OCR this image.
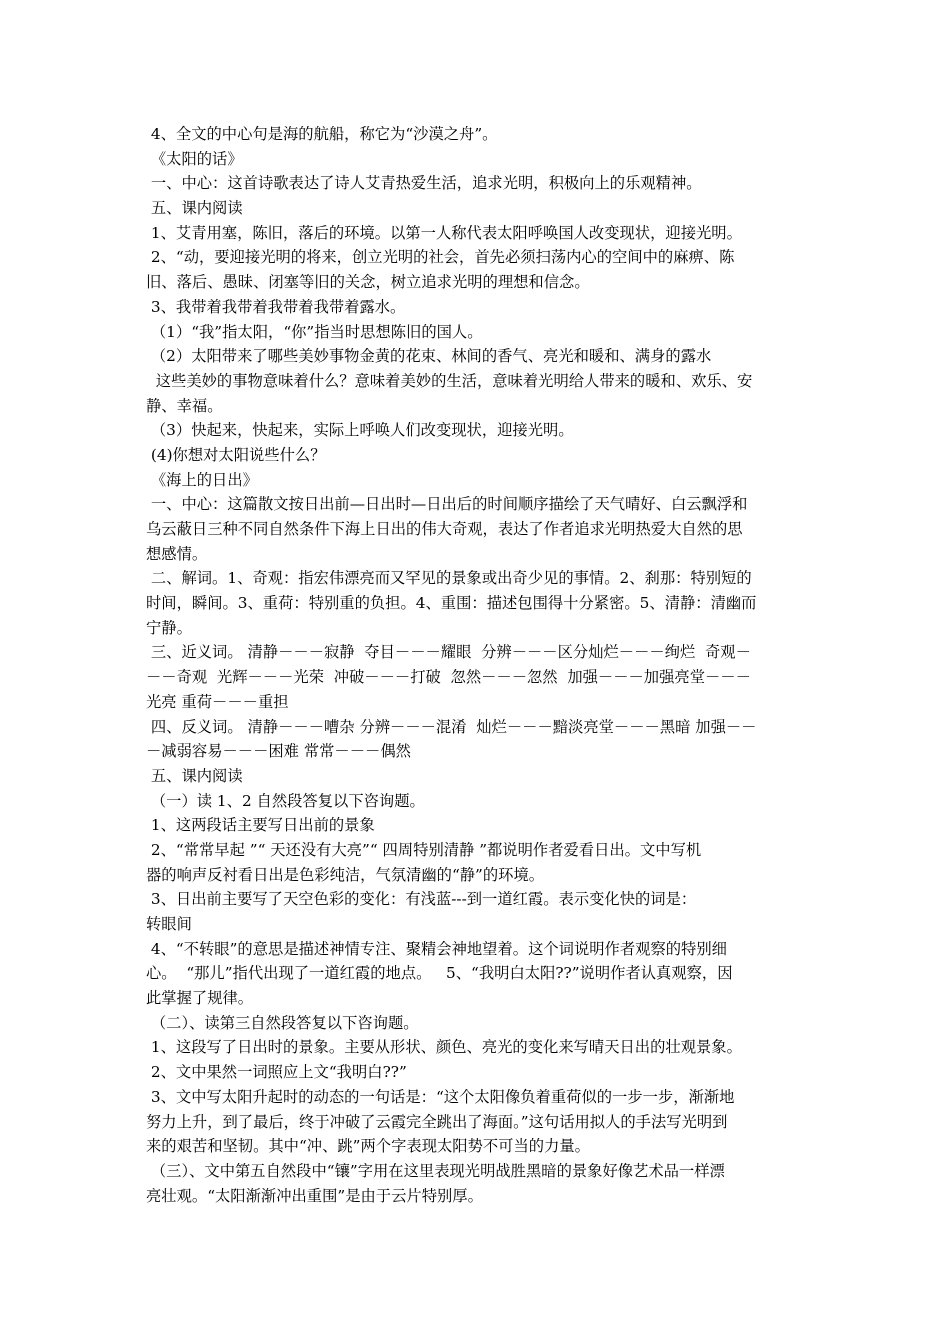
4、全文的中心句是海的航船，称它为“沙漠之舟”。
《太阳的话》
一、中心：这首诗歌表达了诗人艾青热爱生活，追求光明，积极向上的乐观精神。
五、课内阅读
1、艾青用塞，陈旧，落后的环境。以第一人称代表太阳呼唤国人改变现状，迎接光明。
2、“动，要迎接光明的将来，创立光明的社会，首先必须扫荡内心的空间中的麻痹、陈
旧、落后、愚昧、闭塞等旧的关念，树立追求光明的理想和信念。
3、我带着我带着我带着我带着露水。
（1）“我”指太阳，“你”指当时思想陈旧的国人。
（2）太阳带来了哪些美妙事物金黄的花束、林间的香气、亮光和暖和、满身的露水
这些美妙的事物意味着什么？意味着美妙的生活，意味着光明给人带来的暖和、欢乐、安
静、幸福。
（3）快起来，快起来，实际上呼唤人们改变现状，迎接光明。
(4)你想对太阳说些什么？
《海上的日出》
一、中心：这篇散文按日出前—日出时—日出后的时间顺序描绘了天气晴好、白云飘浮和
乌云蔽日三种不同自然条件下海上日出的伟大奇观，表达了作者追求光明热爱大自然的思
想感情。
二、解词。1、奇观：指宏伟漂亮而又罕见的景象或出奇少见的事情。2、刹那：特别短的
时间，瞬间。3、重荷：特别重的负担。4、重围：描述包围得十分紧密。5、清静：清幽而
宁静。
三、近义词。 清静－－－寂静  夺目－－－耀眼  分辨－－－区分灿烂－－－绚烂  奇观－
－－奇观  光辉－－－光荣  冲破－－－打破  忽然－－－忽然  加强－－－加强亮堂－－－
光亮 重荷－－－重担
四、反义词。 清静－－－嘈杂 分辨－－－混淆  灿烂－－－黯淡亮堂－－－黑暗 加强－－
－减弱容易－－－困难 常常－－－偶然
五、课内阅读
（一）读 1、2 自然段答复以下咨询题。
1、这两段话主要写日出前的景象
2、“常常早起 ”“ 天还没有大亮”“ 四周特别清静 ”都说明作者爱看日出。文中写机
器的响声反衬看日出是色彩纯洁，气氛清幽的“静”的环境。
3、日出前主要写了天空色彩的变化：有浅蓝---到一道红霞。表示变化快的词是：
转眼间
4、“不转眼”的意思是描述神情专注、聚精会神地望着。这个词说明作者观察的特别细
心。  “那儿”指代出现了一道红霞的地点。   5、“我明白太阳??”说明作者认真观察，因
此掌握了规律。
（二）、读第三自然段答复以下咨询题。
1、这段写了日出时的景象。主要从形状、颜色、亮光的变化来写晴天日出的壮观景象。
2、文中果然一词照应上文“我明白??”
3、文中写太阳升起时的动态的一句话是：“这个太阳像负着重荷似的一步一步，渐渐地
努力上升，到了最后，终于冲破了云霞完全跳出了海面。”这句话用拟人的手法写光明到
来的艰苦和坚韧。其中“冲、跳”两个字表现太阳势不可当的力量。
（三）、文中第五自然段中“镶”字用在这里表现光明战胜黑暗的景象好像艺术品一样漂
亮壮观。“太阳渐渐冲出重围”是由于云片特别厚。
